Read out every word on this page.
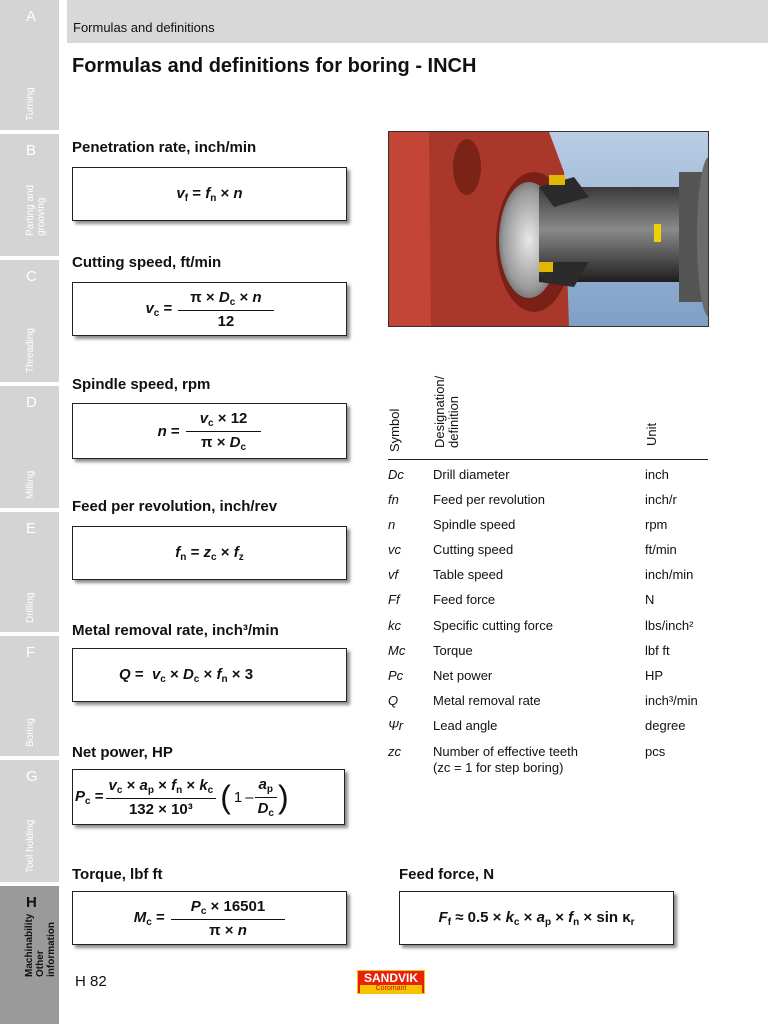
A
Turning
B
Parting and grooving
C
Threading
D
Milling
E
Drilling
F
Boring
G
Tool holding
H
Machinability Other information
Formulas and definitions
Formulas and definitions for boring - INCH
Penetration rate, inch/min
$v_f = f_n \times n$
Cutting speed, ft/min
$v_c = \frac{\pi \times D_c \times n}{12}$
Spindle speed, rpm
$n = \frac{v_c \times 12}{\pi \times D_c}$
Feed per revolution, inch/rev
$f_n = z_c \times f_z$
Metal removal rate, inch³/min
$Q = v_c \times D_c \times f_n \times 3$
Net power, HP
$P_c = \frac{v_c \times a_p \times f_n \times k_c}{\text{132 × 10³}}$ ( $1 - \frac{a_p}{D_c}$ )
Torque, lbf ft
$M_c = \frac{P_c \times 16501}{\pi \times n}$
Feed force, N
$F_f \approx 0.5 \times k_c \times a_p \times f_n \times \sin \kappa_r$
Symbol Designation/ definition	Unit
Dc Drill diameter	inch
fn	Feed per revolution	inch/r
n	Spindle speed	rpm
vc Cutting speed	ft/min
vf	Table speed	inch/min
Ff	Feed force	N
kc Specific cutting force	lbs/inch²
Mc Torque	lbf ft
Pc Net power	HP
Q	Metal removal rate	inch³/min
Ψr Lead angle	degree
zc Number of effective teeth	pcs
(zc = 1 for step boring)
H 82	SANDVIK
Coromant
